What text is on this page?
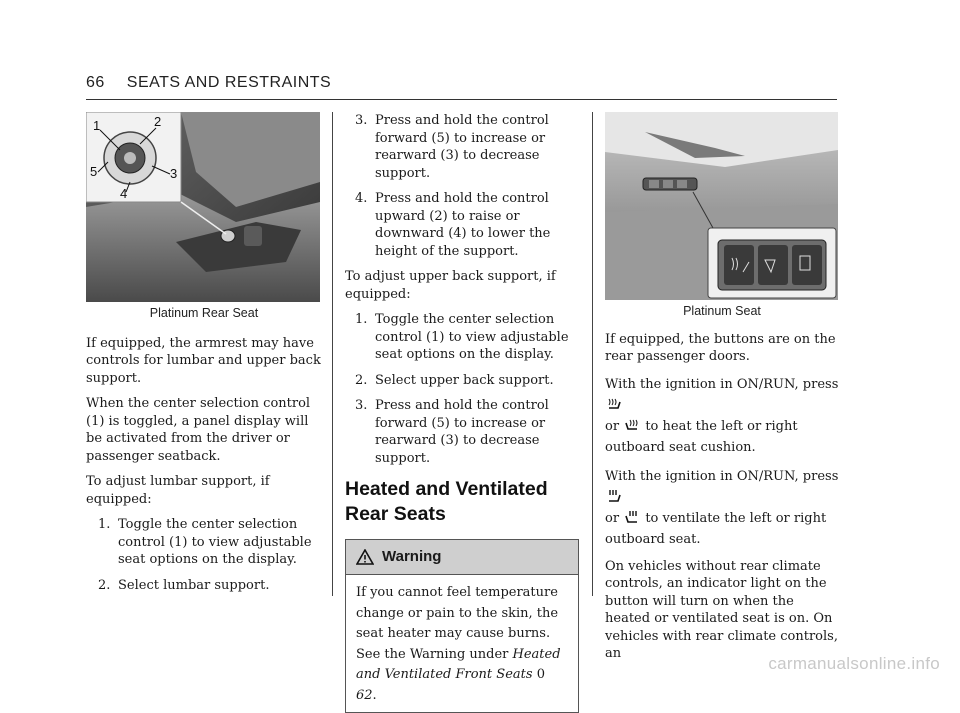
66 SEATS AND RESTRAINTS
1	2
3
4
5
Platinum Rear Seat

If equipped, the armrest may have controls for lumbar and upper back support.

When the center selection control (1) is toggled, a panel display will be activated from the driver or passenger seatback.

To adjust lumbar support, if equipped:

1. Toggle the center selection control (1) to view adjustable seat options on the display.
2. Select lumbar support.
3. Press and hold the control forward (5) to increase or rearward (3) to decrease support.
4. Press and hold the control upward (2) to raise or downward (4) to lower the height of the support.

To adjust upper back support, if equipped:

1. Toggle the center selection control (1) to view adjustable seat options on the display.
2. Select upper back support.
3. Press and hold the control forward (5) to increase or rearward (3) to decrease support.
Heated and Ventilated
Rear Seats
Warning
If you cannot feel temperature change or pain to the skin, the seat heater may cause burns. See the Warning under Heated and Ventilated Front Seats 0 62.
Platinum Seat

If equipped, the buttons are on the rear passenger doors.

With the ignition in ON/RUN, press
or to heat the left or right outboard seat cushion.

With the ignition in ON/RUN, press
or to ventilate the left or right outboard seat.

On vehicles without rear climate controls, an indicator light on the button will turn on when the heated or ventilated seat is on. On vehicles with rear climate controls, an

carmanualsonline.info
